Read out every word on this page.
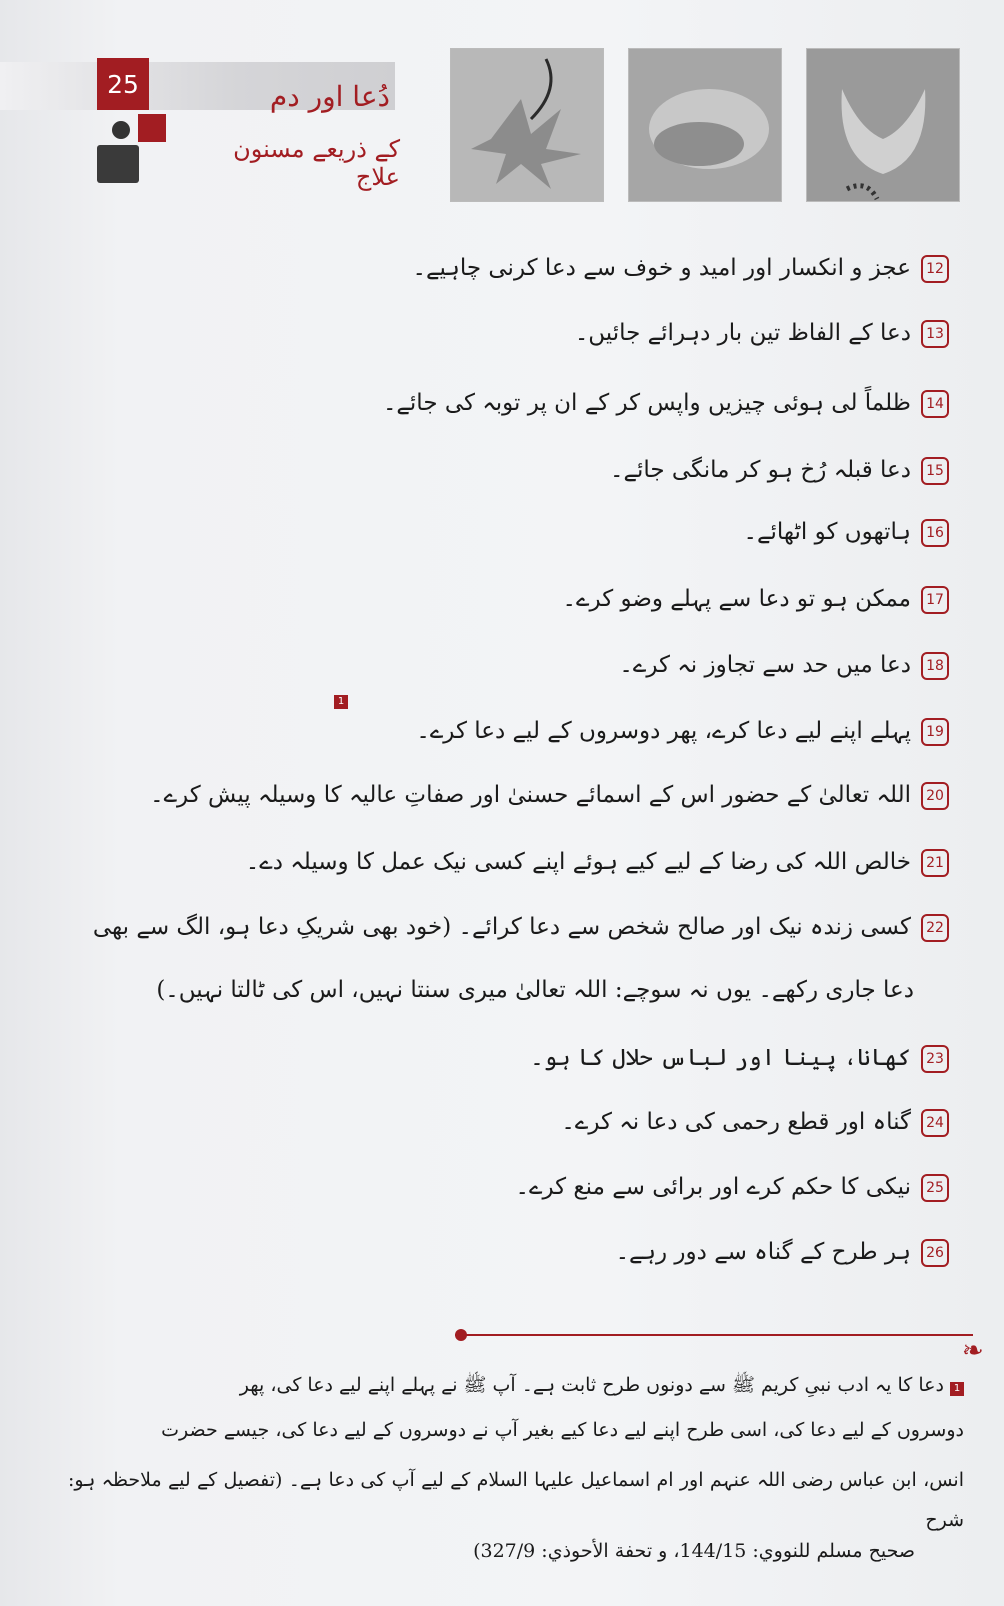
25	دُعا اور دم
کے ذریعے مسنون علاج
12عجز و انکسار اور امید و خوف سے دعا کرنی چاہیے۔
13دعا کے الفاظ تین بار دہرائے جائیں۔
14ظلماً لی ہوئی چیزیں واپس کر کے ان پر توبہ کی جائے۔
15دعا قبلہ رُخ ہو کر مانگی جائے۔
16ہاتھوں کو اٹھائے۔
17ممکن ہو تو دعا سے پہلے وضو کرے۔
18دعا میں حد سے تجاوز نہ کرے۔
19پہلے اپنے لیے دعا کرے، پھر دوسروں کے لیے دعا کرے۔
1
20اللہ تعالیٰ کے حضور اس کے اسمائے حسنیٰ اور صفاتِ عالیہ کا وسیلہ پیش کرے۔
21خالص اللہ کی رضا کے لیے کیے ہوئے اپنے کسی نیک عمل کا وسیلہ دے۔
22کسی زندہ نیک اور صالح شخص سے دعا کرائے۔ (خود بھی شریکِ دعا ہو، الگ سے بھی
دعا جاری رکھے۔ یوں نہ سوچے: اللہ تعالیٰ میری سنتا نہیں، اس کی ٹالتا نہیں۔)
23کھانا، پینا اور لباس حلال کا ہو۔
24گناہ اور قطع رحمی کی دعا نہ کرے۔
25نیکی کا حکم کرے اور برائی سے منع کرے۔
26ہر طرح کے گناہ سے دور رہے۔
❧
1 دعا کا یہ ادب نبیِ کریم ﷺ سے دونوں طرح ثابت ہے۔ آپ ﷺ نے پہلے اپنے لیے دعا کی، پھر
دوسروں کے لیے دعا کی، اسی طرح اپنے لیے دعا کیے بغیر آپ نے دوسروں کے لیے دعا کی، جیسے حضرت
انس، ابن عباس رضی اللہ عنہم اور ام اسماعیل علیہا السلام کے لیے آپ کی دعا ہے۔ (تفصیل کے لیے ملاحظہ ہو: شرح
صحيح مسلم للنووي: 144/15، و تحفة الأحوذي: 327/9)
